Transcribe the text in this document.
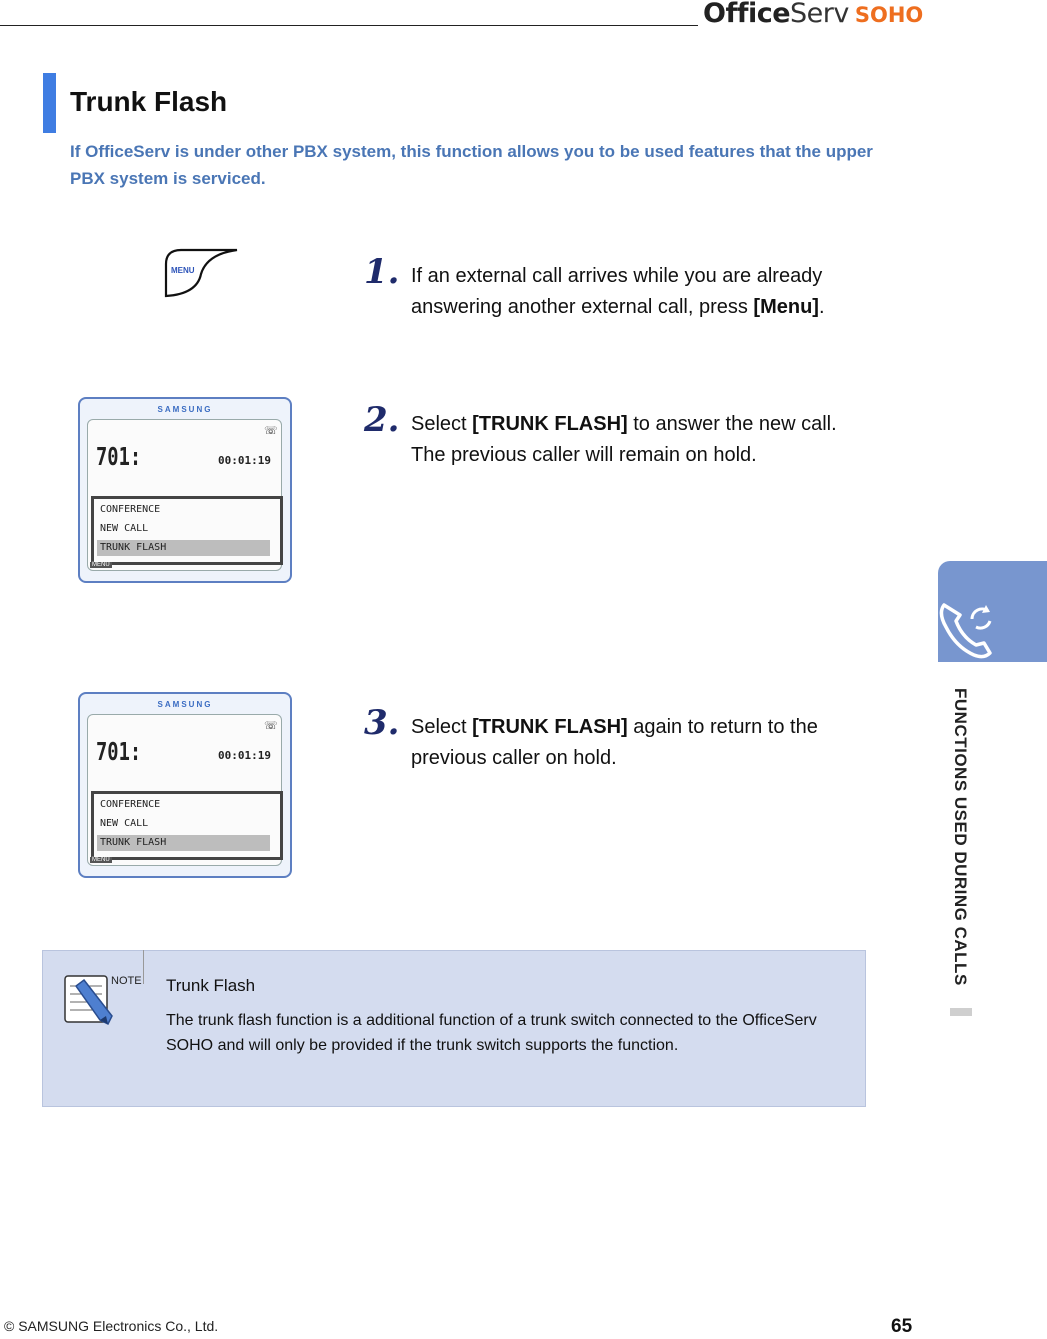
OfficeServ SOHO
Trunk Flash
If OfficeServ is under other PBX system, this function allows you to be used features that the upper PBX system is serviced.
MENU	1. If an external call arrives while you are already answering another external call, press [Menu].
SAMSUNG
☏
701:	00:01:19
CONFERENCE
NEW CALL
TRUNK FLASH
MENU
2. Select [TRUNK FLASH] to answer the new call. The previous caller will remain on hold.
SAMSUNG
☏
701:	00:01:19
CONFERENCE
NEW CALL
TRUNK FLASH
MENU
3. Select [TRUNK FLASH] again to return to the previous caller on hold.
NOTE Trunk Flash
The trunk flash function is a additional function of a trunk switch connected to the OfficeServ SOHO and will only be provided if the trunk switch supports the function.
FUNCTIONS USED DURING CALLS
© SAMSUNG Electronics Co., Ltd.	65
